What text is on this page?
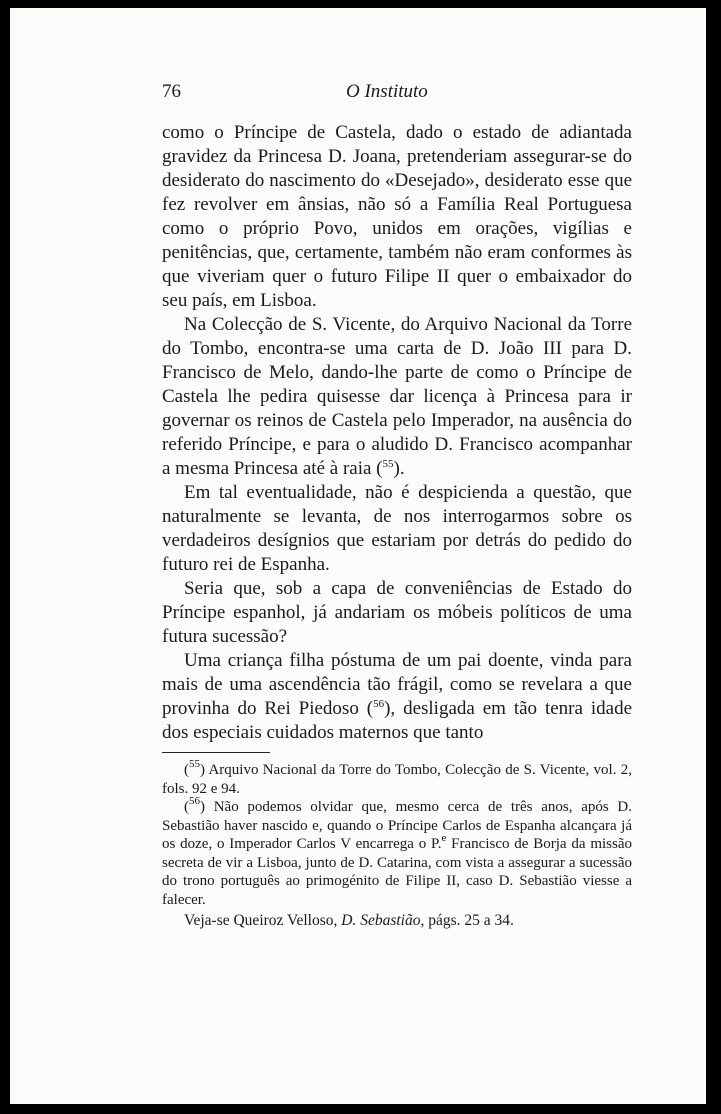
76	O Instituto

como o Príncipe de Castela, dado o estado de adiantada gravidez da Princesa D. Joana, pretenderiam assegurar-se do desiderato do nascimento do «Desejado», desiderato esse que fez revolver em ânsias, não só a Família Real Portuguesa como o próprio Povo, unidos em orações, vigílias e penitências, que, certamente, também não eram conformes às que viveriam quer o futuro Filipe II quer o embaixador do seu país, em Lisboa.

Na Colecção de S. Vicente, do Arquivo Nacional da Torre do Tombo, encontra-se uma carta de D. João III para D. Francisco de Melo, dando-lhe parte de como o Príncipe de Castela lhe pedira quisesse dar licença à Princesa para ir governar os reinos de Castela pelo Imperador, na ausência do referido Príncipe, e para o aludido D. Francisco acompanhar a mesma Princesa até à raia ($^{55}$).

Em tal eventualidade, não é despicienda a questão, que naturalmente se levanta, de nos interrogarmos sobre os verdadeiros desígnios que estariam por detrás do pedido do futuro rei de Espanha.

Seria que, sob a capa de conveniências de Estado do Príncipe espanhol, já andariam os móbeis políticos de uma futura sucessão?

Uma criança filha póstuma de um pai doente, vinda para mais de uma ascendência tão frágil, como se revelara a que provinha do Rei Piedoso ($^{56}$), desligada em tão tenra idade dos especiais cuidados maternos que tanto

($^{55}$) Arquivo Nacional da Torre do Tombo, Colecção de S. Vicente, vol. 2, fols. 92 e 94.

($^{56}$) Não podemos olvidar que, mesmo cerca de três anos, após D. Sebastião haver nascido e, quando o Príncipe Carlos de Espanha alcançara já os doze, o Imperador Carlos V encarrega o P.$^e$ Francisco de Borja da missão secreta de vir a Lisboa, junto de D. Catarina, com vista a assegurar a sucessão do trono português ao primogénito de Filipe II, caso D. Sebastião viesse a falecer.

Veja-se Queiroz Velloso, D. Sebastião, págs. 25 a 34.
